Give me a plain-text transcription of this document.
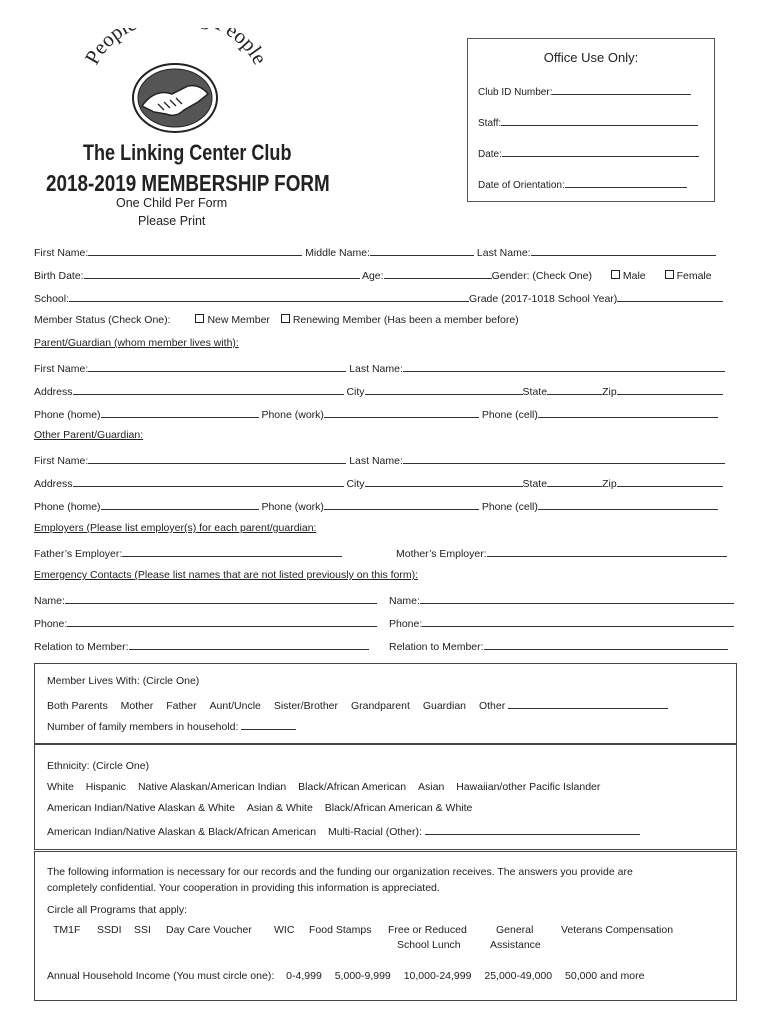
Peop eople
The Linking Center Club
2018-2019 MEMBERSHIP FORM
One Child Per Form
Please Print
Office Use Only:
Club ID Number:
Staff:
Date:
Date of Orientation:
First Name:	Middle Name:	Last Name:
Birth Date:	Age:	Gender: (Check One)	Male	Female
School:	Grade (2017-1018 School Year)
Member Status (Check One):	New Member Renewing Member (Has been a member before)
Parent/Guardian (whom member lives with):
First Name:	Last Name:
Address	City	State	Zip
Phone (home)	Phone (work)	Phone (cell)
Other Parent/Guardian:
First Name:	Last Name:
Address	City	State	Zip
Phone (home)	Phone (work)	Phone (cell)
Employers (Please list employer(s) for each parent/guardian:
Father’s Employer:	Mother’s Employer:
Emergency Contacts (Please list names that are not listed previously on this form):
Name:	Name:
Phone:	Phone:
Relation to Member:	Relation to Member:
Member Lives With: (Circle One)
Both Parents Mother Father Aunt/Uncle Sister/Brother Grandparent Guardian Other
Number of family members in household:
Ethnicity: (Circle One)
White Hispanic Native Alaskan/American Indian Black/African American Asian Hawaiian/other Pacific Islander
American Indian/Native Alaskan & White Asian & White Black/African American & White
American Indian/Native Alaskan & Black/African American Multi-Racial (Other):
The following information is necessary for our records and the funding our organization receives. The answers you provide are
completely confidential. Your cooperation in providing this information is appreciated.
Circle all Programs that apply:
TM1F SSDI SSI Day Care Voucher WIC Food Stamps Free or Reduced
School Lunch
General
Assistance
Veterans Compensation
Annual Household Income (You must circle one): 0-4,999 5,000-9,999 10,000-24,999 25,000-49,000 50,000 and more
